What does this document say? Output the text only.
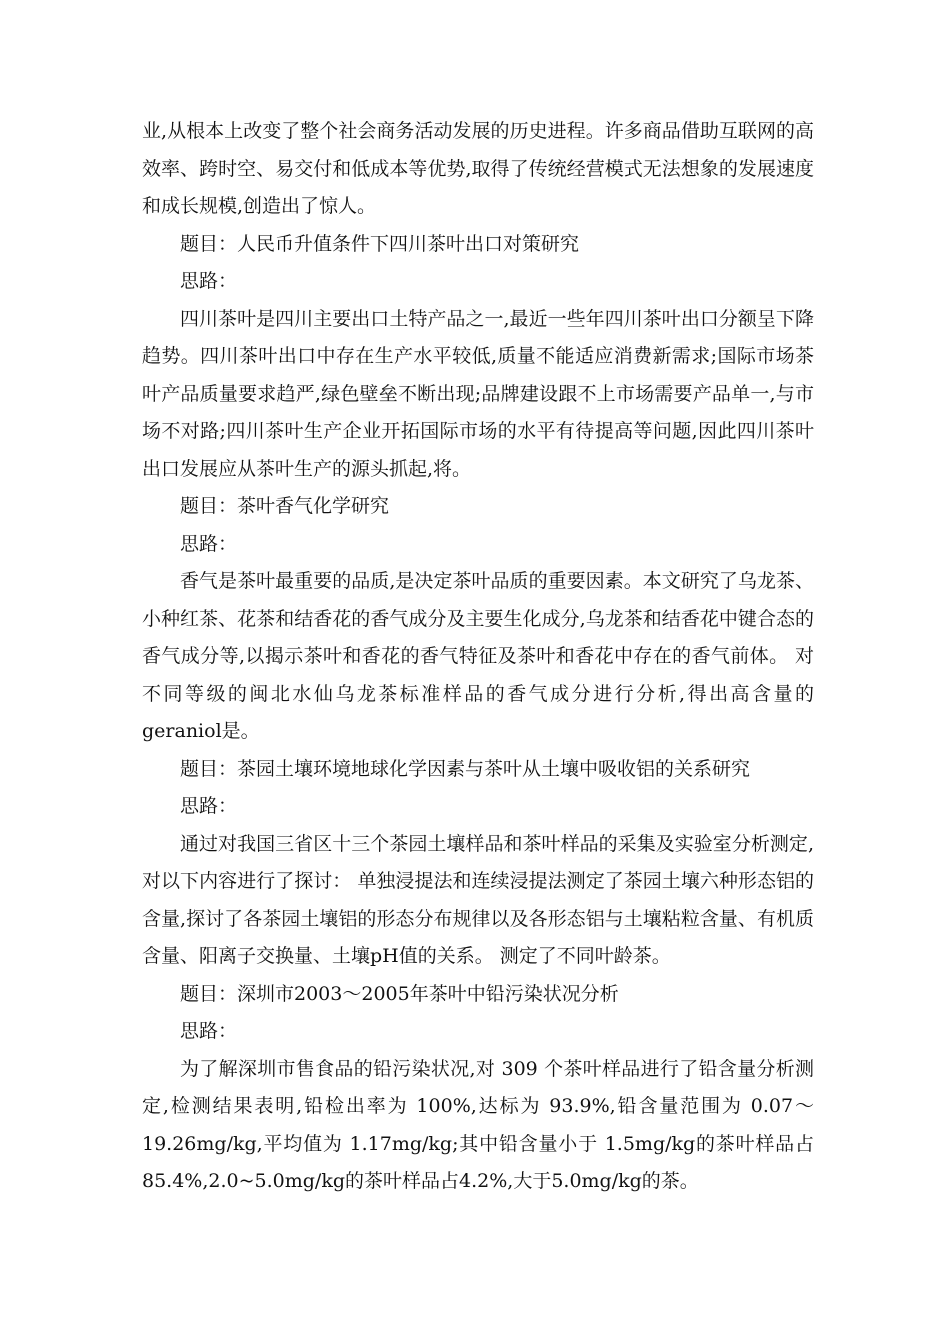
业,从根本上改变了整个社会商务活动发展的历史进程。许多商品借助互联网的高效率、跨时空、易交付和低成本等优势,取得了传统经营模式无法想象的发展速度和成长规模,创造出了惊人。

题目：人民币升值条件下四川茶叶出口对策研究

思路：

四川茶叶是四川主要出口土特产品之一,最近一些年四川茶叶出口分额呈下降趋势。四川茶叶出口中存在生产水平较低,质量不能适应消费新需求;国际市场茶叶产品质量要求趋严,绿色壁垒不断出现;品牌建设跟不上市场需要产品单一,与市场不对路;四川茶叶生产企业开拓国际市场的水平有待提高等问题,因此四川茶叶出口发展应从茶叶生产的源头抓起,将。

题目：茶叶香气化学研究

思路：

香气是茶叶最重要的品质,是决定茶叶品质的重要因素。本文研究了乌龙茶、小种红茶、花茶和结香花的香气成分及主要生化成分,乌龙茶和结香花中键合态的香气成分等,以揭示茶叶和香花的香气特征及茶叶和香花中存在的香气前体。 对不同等级的闽北水仙乌龙茶标准样品的香气成分进行分析,得出高含量的geraniol是。

题目：茶园土壤环境地球化学因素与茶叶从土壤中吸收铝的关系研究

思路：

通过对我国三省区十三个茶园土壤样品和茶叶样品的采集及实验室分析测定,对以下内容进行了探讨： 单独浸提法和连续浸提法测定了茶园土壤六种形态铝的含量,探讨了各茶园土壤铝的形态分布规律以及各形态铝与土壤粘粒含量、有机质含量、阳离子交换量、土壤pH值的关系。 测定了不同叶龄茶。

题目：深圳市2003～2005年茶叶中铅污染状况分析

思路：

为了解深圳市售食品的铅污染状况,对 309 个茶叶样品进行了铅含量分析测定,检测结果表明,铅检出率为 100%,达标为 93.9%,铅含量范围为 0.07～19.26mg/kg,平均值为 1.17mg/kg;其中铅含量小于 1.5mg/kg的茶叶样品占85.4%,2.0~5.0mg/kg的茶叶样品占4.2%,大于5.0mg/kg的茶。
